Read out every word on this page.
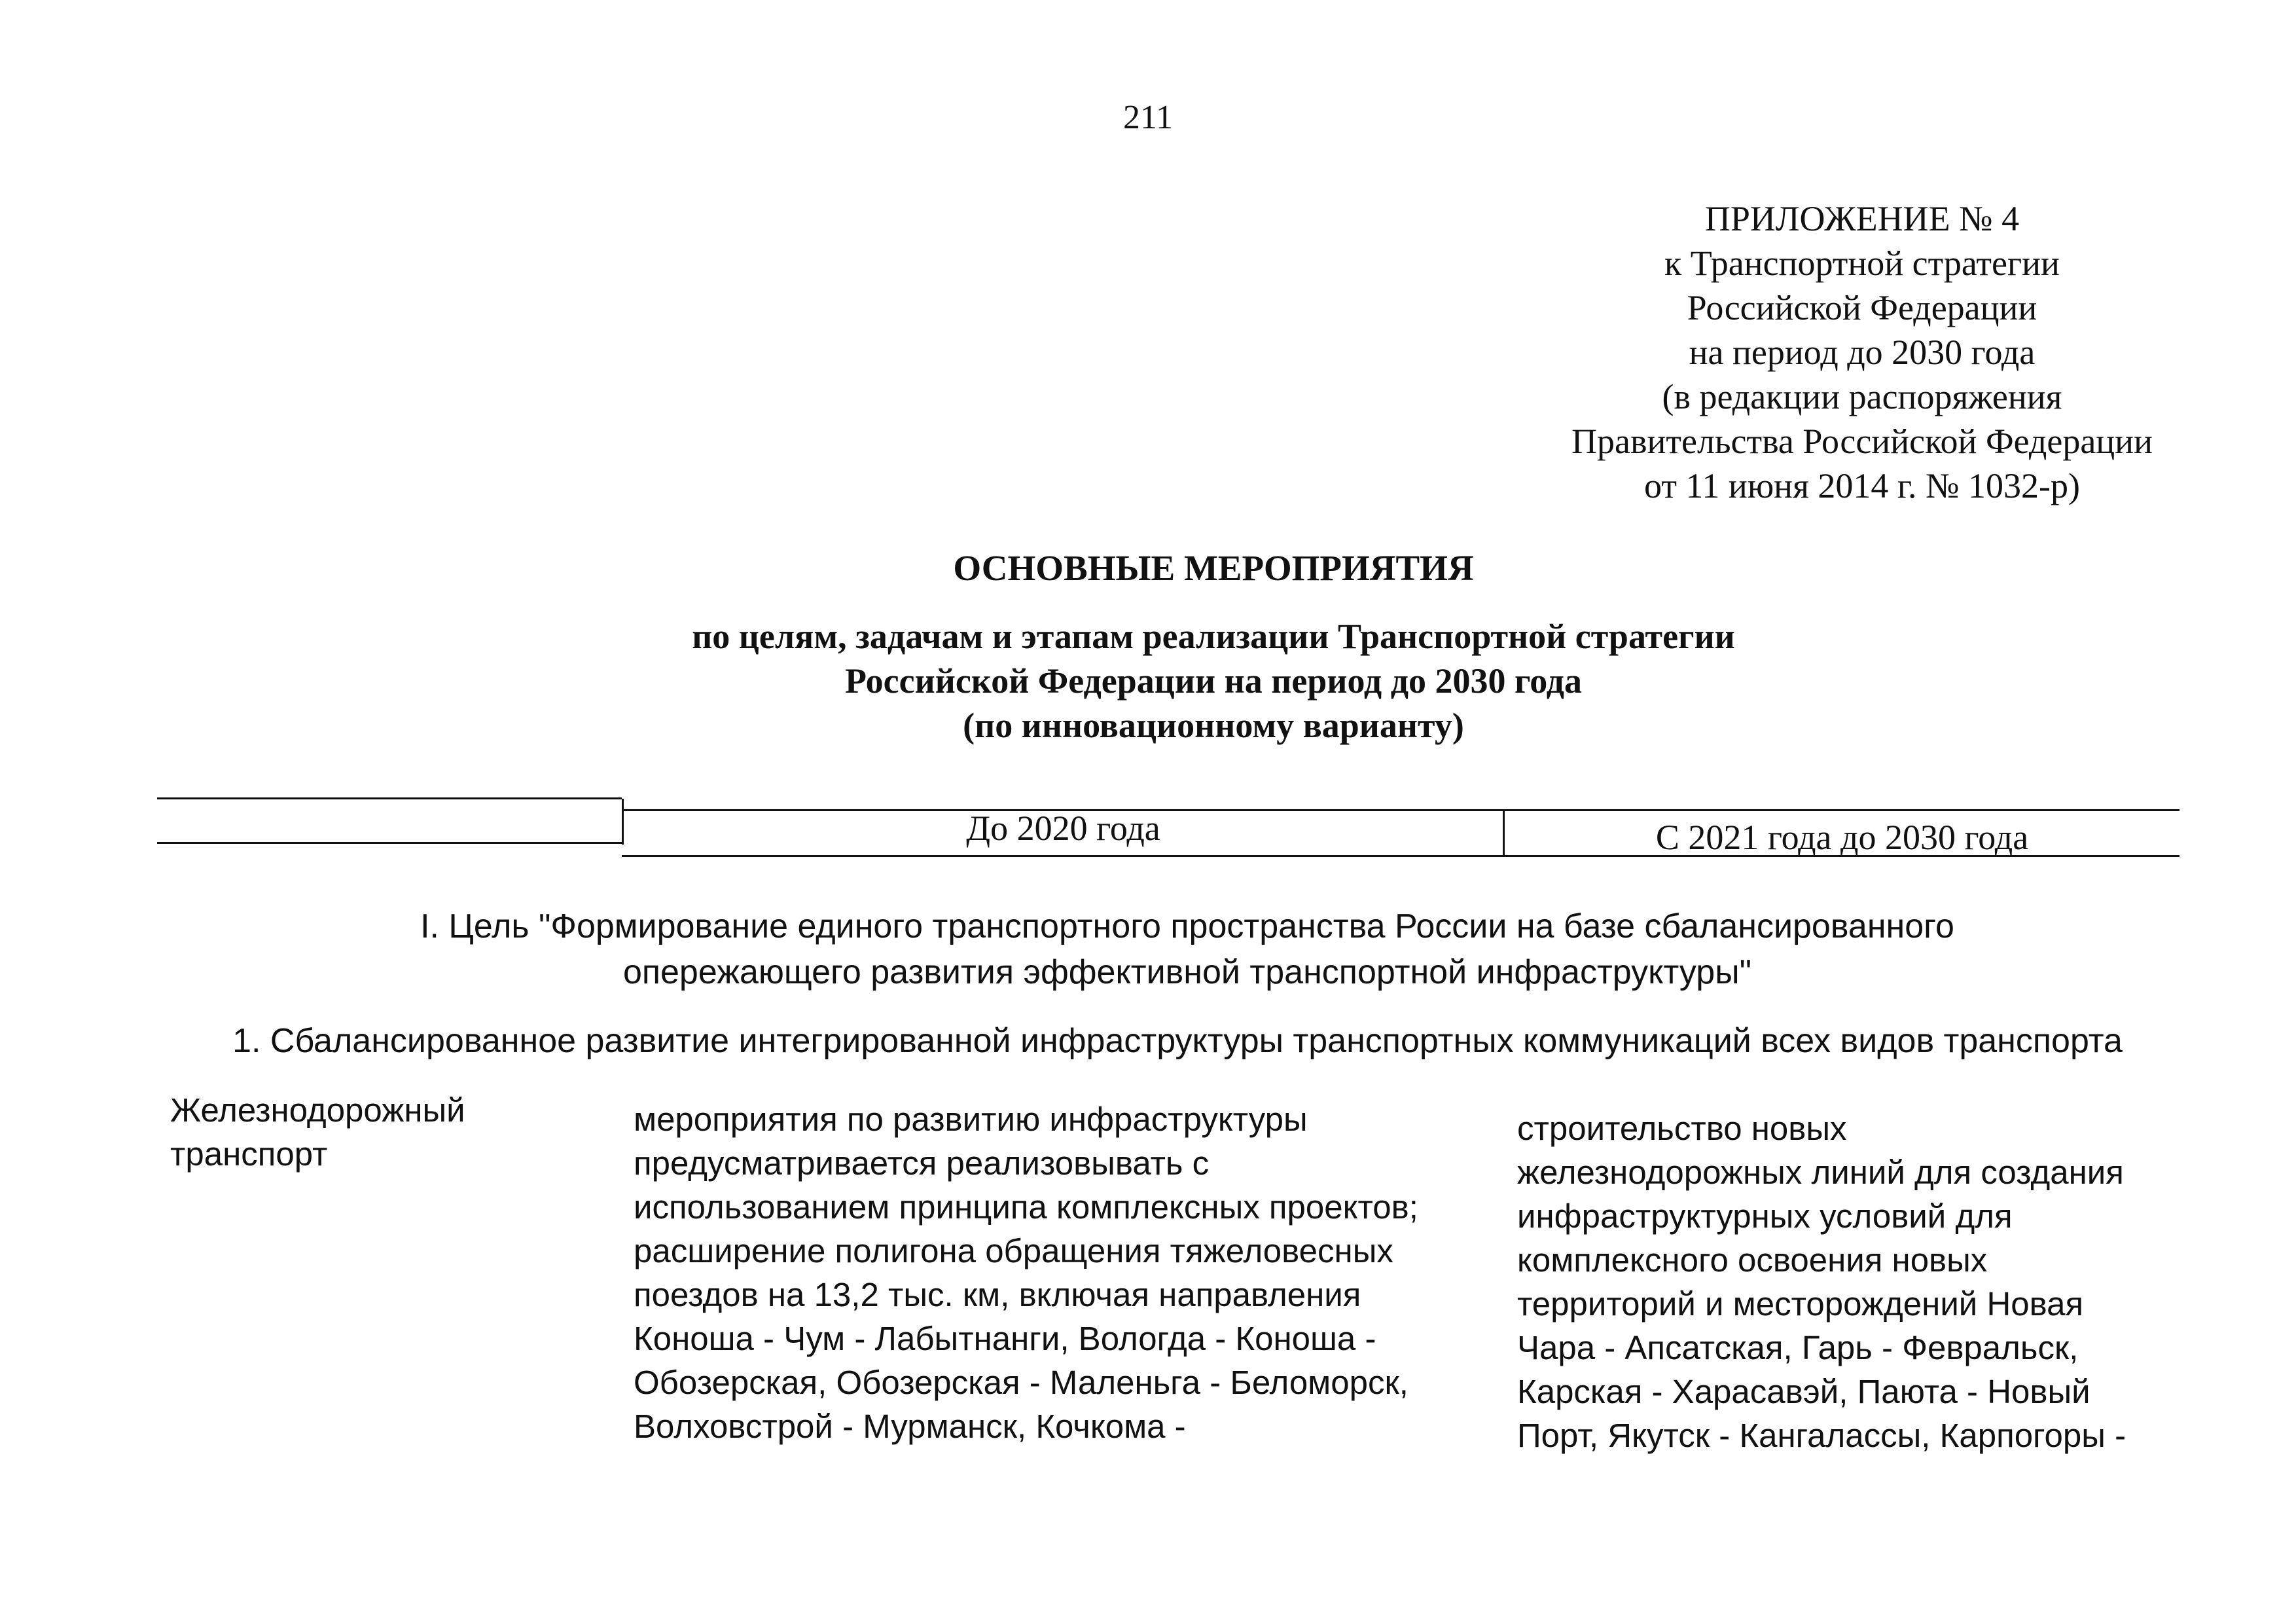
211
ПРИЛОЖЕНИЕ № 4
к Транспортной стратегии
Российской Федерации
на период до 2030 года
(в редакции распоряжения
Правительства Российской Федерации
от 11 июня 2014 г. № 1032-р)
ОСНОВНЫЕ МЕРОПРИЯТИЯ
по целям, задачам и этапам реализации Транспортной стратегии
Российской Федерации на период до 2030 года
(по инновационному варианту)
До 2020 года	С 2021 года до 2030 года
I. Цель "Формирование единого транспортного пространства России на базе сбалансированного
опережающего развития эффективной транспортной инфраструктуры"
1. Сбалансированное развитие интегрированной инфраструктуры транспортных коммуникаций всех видов транспорта
Железнодорожный
транспорт
мероприятия по развитию инфраструктуры
предусматривается реализовывать с
использованием принципа комплексных проектов;
расширение полигона обращения тяжеловесных
поездов на 13,2 тыс. км, включая направления
Коноша - Чум - Лабытнанги, Вологда - Коноша -
Обозерская, Обозерская - Маленьга - Беломорск,
Волховстрой - Мурманск, Кочкома -
строительство новых
железнодорожных линий для создания
инфраструктурных условий для
комплексного освоения новых
территорий и месторождений Новая
Чара - Апсатская, Гарь - Февральск,
Карская - Харасавэй, Паюта - Новый
Порт, Якутск - Кангалассы, Карпогоры -
